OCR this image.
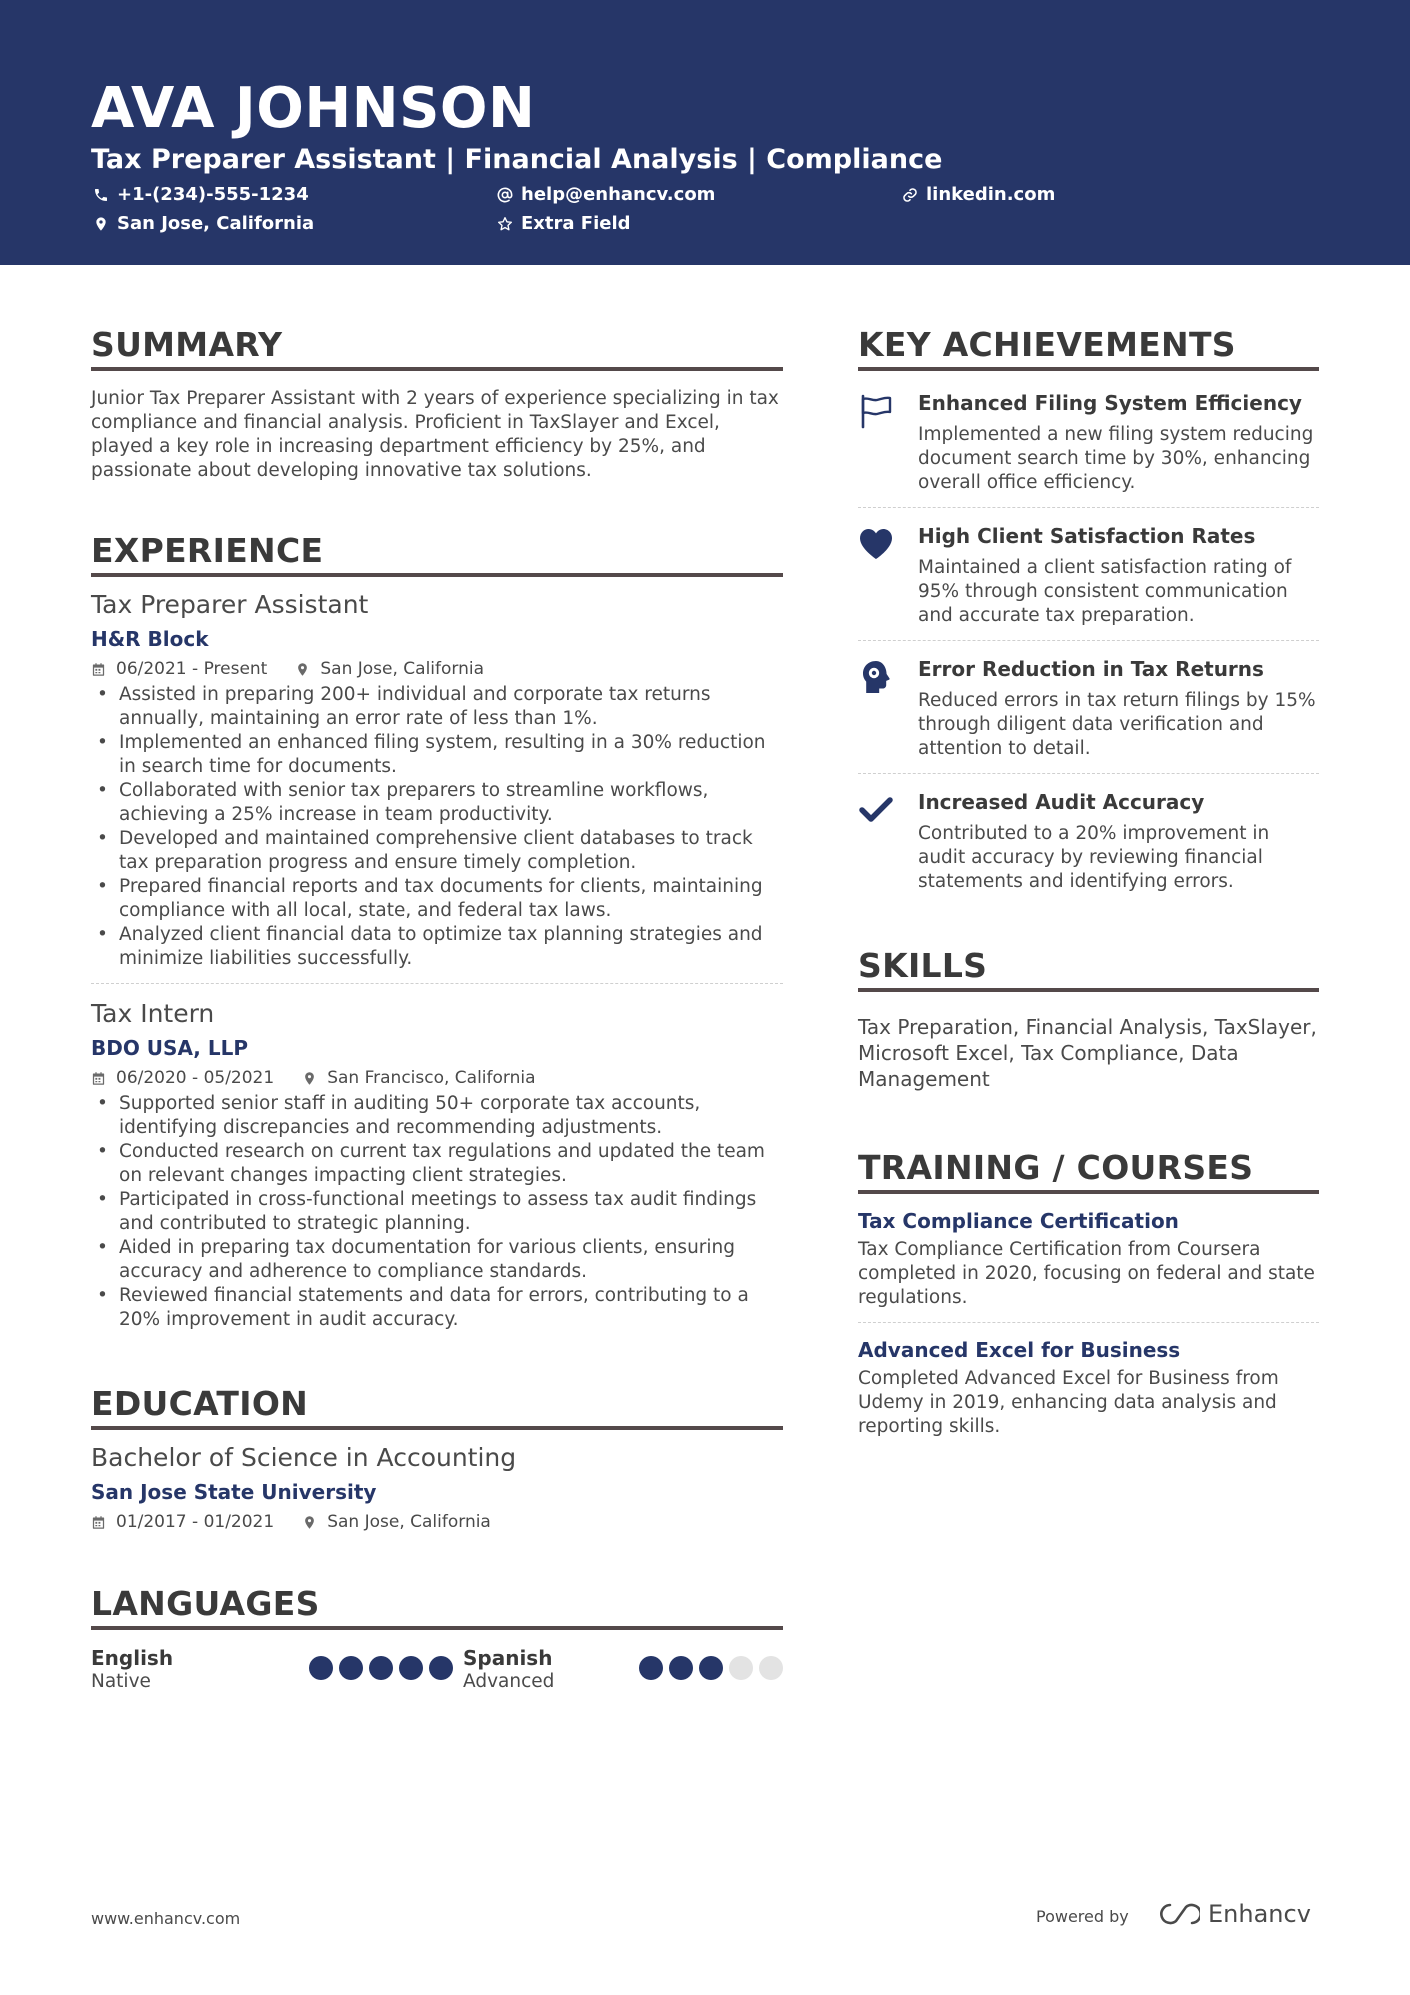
AVA JOHNSON
Tax Preparer Assistant | Financial Analysis | Compliance
+1-(234)-555-1234	help@enhancv.com	linkedin.com
San Jose, California	Extra Field
SUMMARY
Junior Tax Preparer Assistant with 2 years of experience specializing in tax compliance and financial analysis. Proficient in TaxSlayer and Excel, played a key role in increasing department efficiency by 25%, and passionate about developing innovative tax solutions.
EXPERIENCE
Tax Preparer Assistant
H&R Block
06/2021 - Present	San Jose, California
• Assisted in preparing 200+ individual and corporate tax returns annually, maintaining an error rate of less than 1%.
• Implemented an enhanced filing system, resulting in a 30% reduction in search time for documents.
• Collaborated with senior tax preparers to streamline workflows, achieving a 25% increase in team productivity.
• Developed and maintained comprehensive client databases to track tax preparation progress and ensure timely completion.
• Prepared financial reports and tax documents for clients, maintaining compliance with all local, state, and federal tax laws.
• Analyzed client financial data to optimize tax planning strategies and minimize liabilities successfully.
Tax Intern
BDO USA, LLP
06/2020 - 05/2021	San Francisco, California
• Supported senior staff in auditing 50+ corporate tax accounts, identifying discrepancies and recommending adjustments.
• Conducted research on current tax regulations and updated the team on relevant changes impacting client strategies.
• Participated in cross-functional meetings to assess tax audit findings and contributed to strategic planning.
• Aided in preparing tax documentation for various clients, ensuring accuracy and adherence to compliance standards.
• Reviewed financial statements and data for errors, contributing to a 20% improvement in audit accuracy.
EDUCATION
Bachelor of Science in Accounting
San Jose State University
01/2017 - 01/2021	San Jose, California
LANGUAGES
English
Native
Spanish
Advanced
KEY ACHIEVEMENTS
Enhanced Filing System Efficiency
Implemented a new filing system reducing document search time by 30%, enhancing overall office efficiency.
High Client Satisfaction Rates
Maintained a client satisfaction rating of 95% through consistent communication and accurate tax preparation.
Error Reduction in Tax Returns
Reduced errors in tax return filings by 15% through diligent data verification and attention to detail.
Increased Audit Accuracy
Contributed to a 20% improvement in audit accuracy by reviewing financial statements and identifying errors.
SKILLS
Tax Preparation, Financial Analysis, TaxSlayer, Microsoft Excel, Tax Compliance, Data Management
TRAINING / COURSES
Tax Compliance Certification
Tax Compliance Certification from Coursera completed in 2020, focusing on federal and state regulations.
Advanced Excel for Business
Completed Advanced Excel for Business from Udemy in 2019, enhancing data analysis and reporting skills.
www.enhancv.com	Powered by	Enhancv
